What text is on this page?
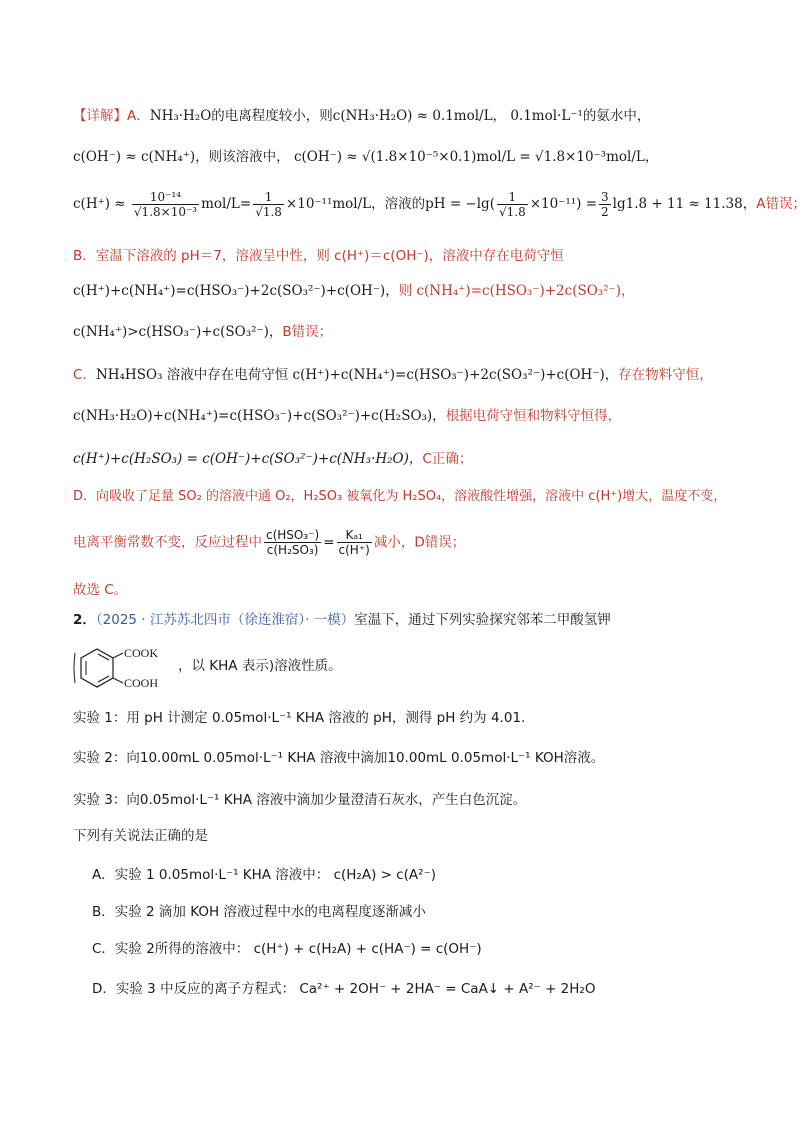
【详解】A．NH₃·H₂O的电离程度较小，则c(NH₃·H₂O) ≈ 0.1mol/L， 0.1mol·L⁻¹的氨水中，
c(OH⁻) ≈ c(NH₄⁺)，则该溶液中， c(OH⁻) ≈ √(1.8×10⁻⁵×0.1)mol/L = √1.8×10⁻³mol/L，
$c(H^+) \approx \frac{\text{10⁻¹⁴}}{\text{√1.8×10⁻³}} mol/L= \frac{1}{√1.8} \times 10^{-11}mol/L$，溶液的pH = $-\lg( \frac{1}{√1.8} \times 10^{-11}) = \frac{3}{2} \lg 1.8 + 11 \approx 11.38$，A错误；
B．室温下溶液的 pH＝7，溶液呈中性，则 c(H⁺)＝c(OH⁻)，溶液中存在电荷守恒
c(H⁺)+c(NH₄⁺)=c(HSO₃⁻)+2c(SO₃²⁻)+c(OH⁻)，则 c(NH₄⁺)=c(HSO₃⁻)+2c(SO₃²⁻)，
c(NH₄⁺)>c(HSO₃⁻)+c(SO₃²⁻)，B错误；
C．NH₄HSO₃ 溶液中存在电荷守恒 c(H⁺)+c(NH₄⁺)=c(HSO₃⁻)+2c(SO₃²⁻)+c(OH⁻)，存在物料守恒，
c(NH₃·H₂O)+c(NH₄⁺)=c(HSO₃⁻)+c(SO₃²⁻)+c(H₂SO₃)，根据电荷守恒和物料守恒得，
c(H⁺)+c(H₂SO₃) = c(OH⁻)+c(SO₃²⁻)+c(NH₃·H₂O)，C正确；
D．向吸收了足量 SO₂ 的溶液中通 O₂，H₂SO₃ 被氧化为 H₂SO₄，溶液酸性增强，溶液中 c(H⁺)增大，温度不变，
电离平衡常数不变，反应过程中 $\frac{\text{c(HSO₃⁻)}}{\text{c(H₂SO₃)}} = \frac{\text{Kₐ₁}}{c(H^+)}$ 减小，D错误；
故选 C。
2．（2025 · 江苏苏北四市（徐连淮宿）· 一模）室温下，通过下列实验探究邻苯二甲酸氢钾
COOK
COOH
，以 KHA 表示)溶液性质。
实验 1：用 pH 计测定 0.05mol·L⁻¹ KHA 溶液的 pH，测得 pH 约为 4.01.
实验 2：向10.00mL 0.05mol·L⁻¹ KHA 溶液中滴加10.00mL 0.05mol·L⁻¹ KOH溶液。
实验 3：向0.05mol·L⁻¹ KHA 溶液中滴加少量澄清石灰水，产生白色沉淀。
下列有关说法正确的是
A．实验 1 0.05mol·L⁻¹ KHA 溶液中： c(H₂A) > c(A²⁻)
B．实验 2 滴加 KOH 溶液过程中水的电离程度逐渐减小
C．实验 2所得的溶液中： c(H⁺) + c(H₂A) + c(HA⁻) = c(OH⁻)
D．实验 3 中反应的离子方程式： Ca²⁺ + 2OH⁻ + 2HA⁻ = CaA↓ + A²⁻ + 2H₂O
